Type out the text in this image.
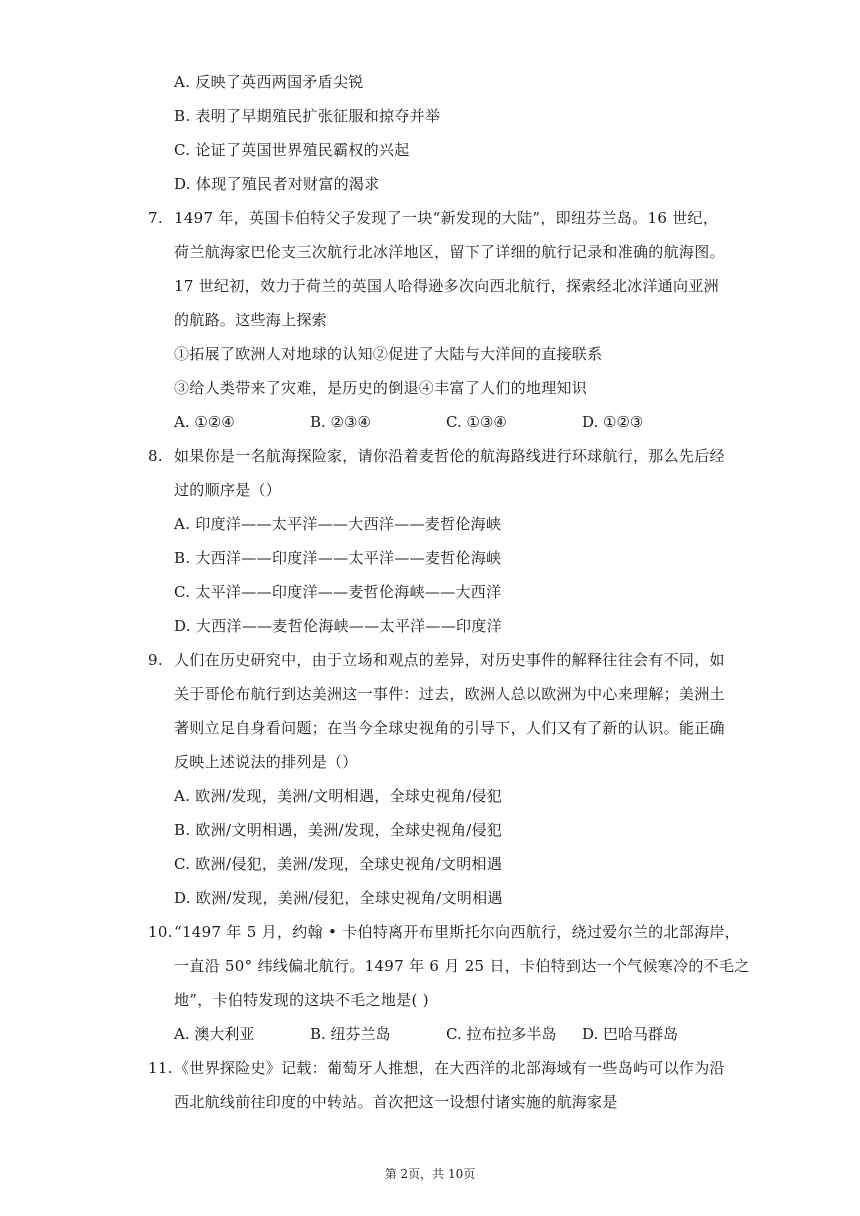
A. 反映了英西两国矛盾尖锐
B. 表明了早期殖民扩张征服和掠夺并举
C. 论证了英国世界殖民霸权的兴起
D. 体现了殖民者对财富的渴求
7. 1497 年，英国卡伯特父子发现了一块“新发现的大陆”，即纽芬兰岛。16 世纪，
荷兰航海家巴伦支三次航行北冰洋地区，留下了详细的航行记录和准确的航海图。
17 世纪初，效力于荷兰的英国人哈得逊多次向西北航行，探索经北冰洋通向亚洲
的航路。这些海上探索
①拓展了欧洲人对地球的认知②促进了大陆与大洋间的直接联系
③给人类带来了灾难，是历史的倒退④丰富了人们的地理知识
A. ①②④	B. ②③④	C. ①③④	D. ①②③
8. 如果你是一名航海探险家，请你沿着麦哲伦的航海路线进行环球航行，那么先后经
过的顺序是（）
A. 印度洋——太平洋——大西洋——麦哲伦海峡
B. 大西洋——印度洋——太平洋——麦哲伦海峡
C. 太平洋——印度洋——麦哲伦海峡——大西洋
D. 大西洋——麦哲伦海峡——太平洋——印度洋
9. 人们在历史研究中，由于立场和观点的差异，对历史事件的解释往往会有不同，如
关于哥伦布航行到达美洲这一事件：过去，欧洲人总以欧洲为中心来理解；美洲土
著则立足自身看问题；在当今全球史视角的引导下，人们又有了新的认识。能正确
反映上述说法的排列是（）
A. 欧洲/发现，美洲/文明相遇，全球史视角/侵犯
B. 欧洲/文明相遇，美洲/发现，全球史视角/侵犯
C. 欧洲/侵犯，美洲/发现，全球史视角/文明相遇
D. 欧洲/发现，美洲/侵犯，全球史视角/文明相遇
10. “1497 年 5 月，约翰 • 卡伯特离开布里斯托尔向西航行，绕过爱尔兰的北部海岸，
一直沿 50° 纬线偏北航行。1497 年 6 月 25 日，卡伯特到达一个气候寒冷的不毛之
地”，卡伯特发现的这块不毛之地是( )
A. 澳大利亚	B. 纽芬兰岛	C. 拉布拉多半岛 D. 巴哈马群岛
11. 《世界探险史》记载：葡萄牙人推想，在大西洋的北部海域有一些岛屿可以作为沿
西北航线前往印度的中转站。首次把这一设想付诸实施的航海家是
第 2页，共 10页
